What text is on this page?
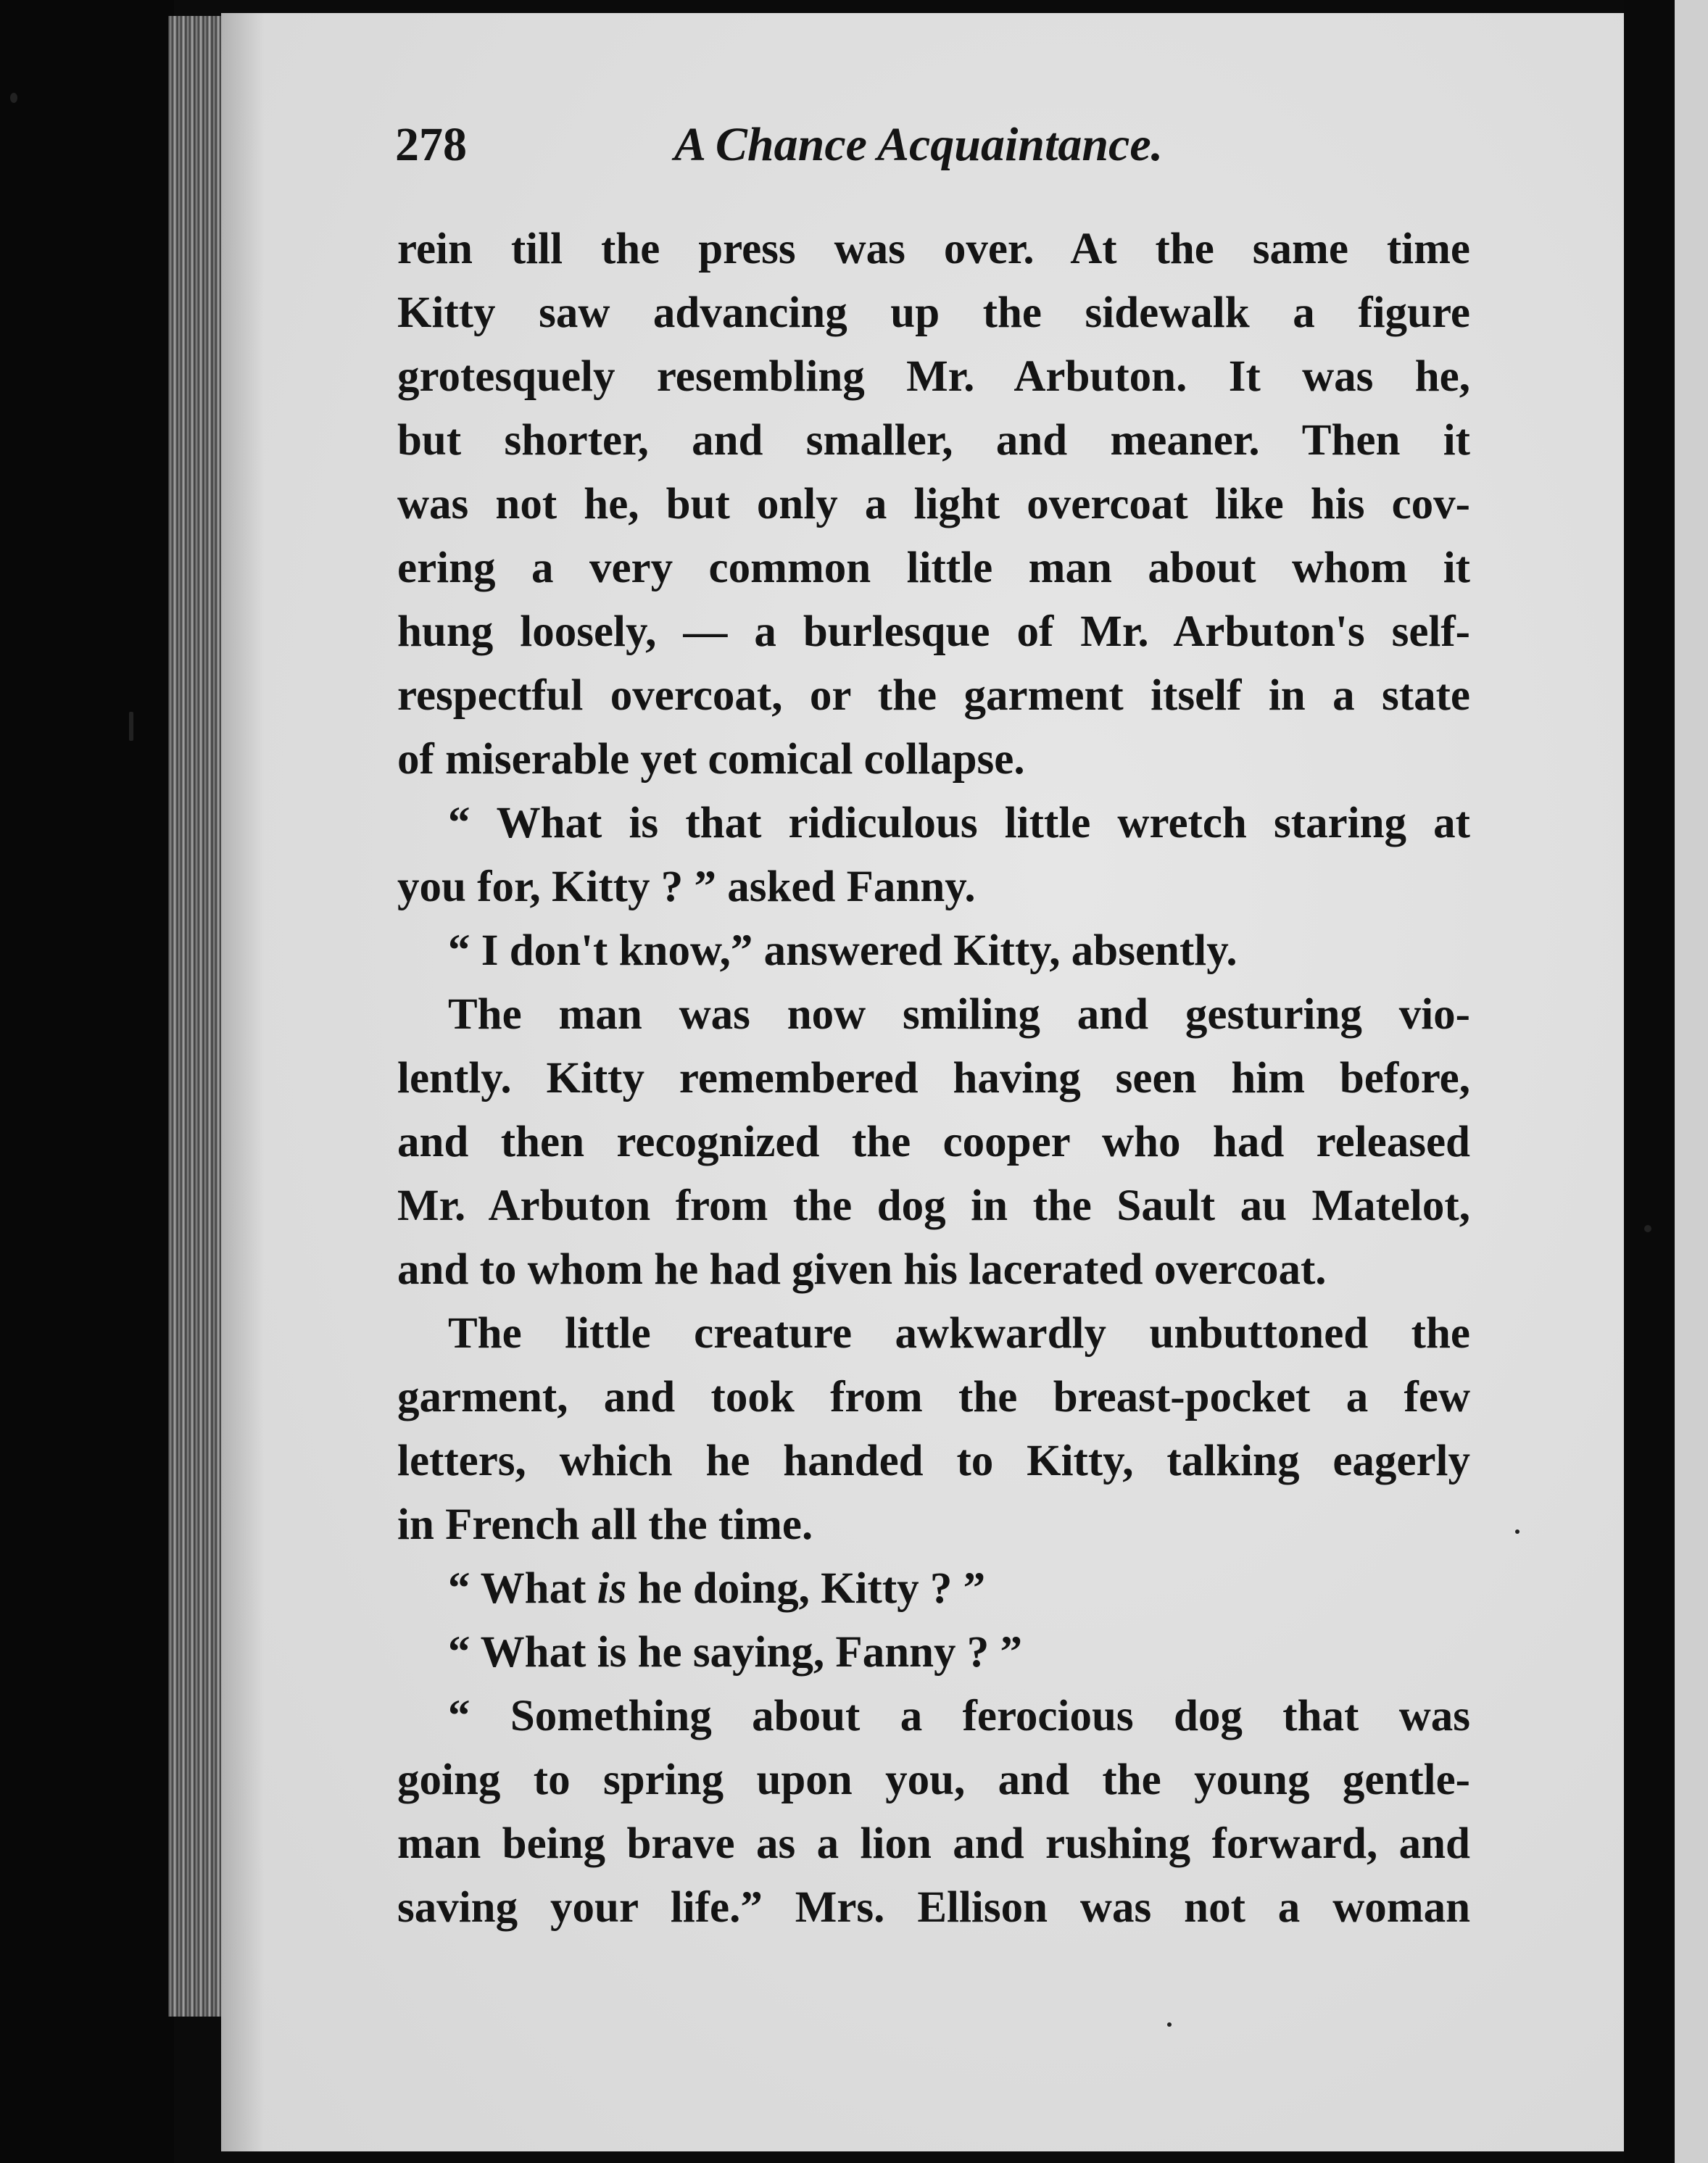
278	A Chance Acquaintance.
rein till the press was over. At the same time
Kitty saw advancing up the sidewalk a figure
grotesquely resembling Mr. Arbuton. It was he,
but shorter, and smaller, and meaner. Then it
was not he, but only a light overcoat like his cov-
ering a very common little man about whom it
hung loosely, — a burlesque of Mr. Arbuton's self-
respectful overcoat, or the garment itself in a state
of miserable yet comical collapse.
“ What is that ridiculous little wretch staring at
you for, Kitty ? ” asked Fanny.
“ I don't know,” answered Kitty, absently.
The man was now smiling and gesturing vio-
lently. Kitty remembered having seen him before,
and then recognized the cooper who had released
Mr. Arbuton from the dog in the Sault au Matelot,
and to whom he had given his lacerated overcoat.
The little creature awkwardly unbuttoned the
garment, and took from the breast-pocket a few
letters, which he handed to Kitty, talking eagerly
in French all the time.
“ What is he doing, Kitty ? ”
“ What is he saying, Fanny ? ”
“ Something about a ferocious dog that was
going to spring upon you, and the young gentle-
man being brave as a lion and rushing forward, and
saving your life.” Mrs. Ellison was not a woman
